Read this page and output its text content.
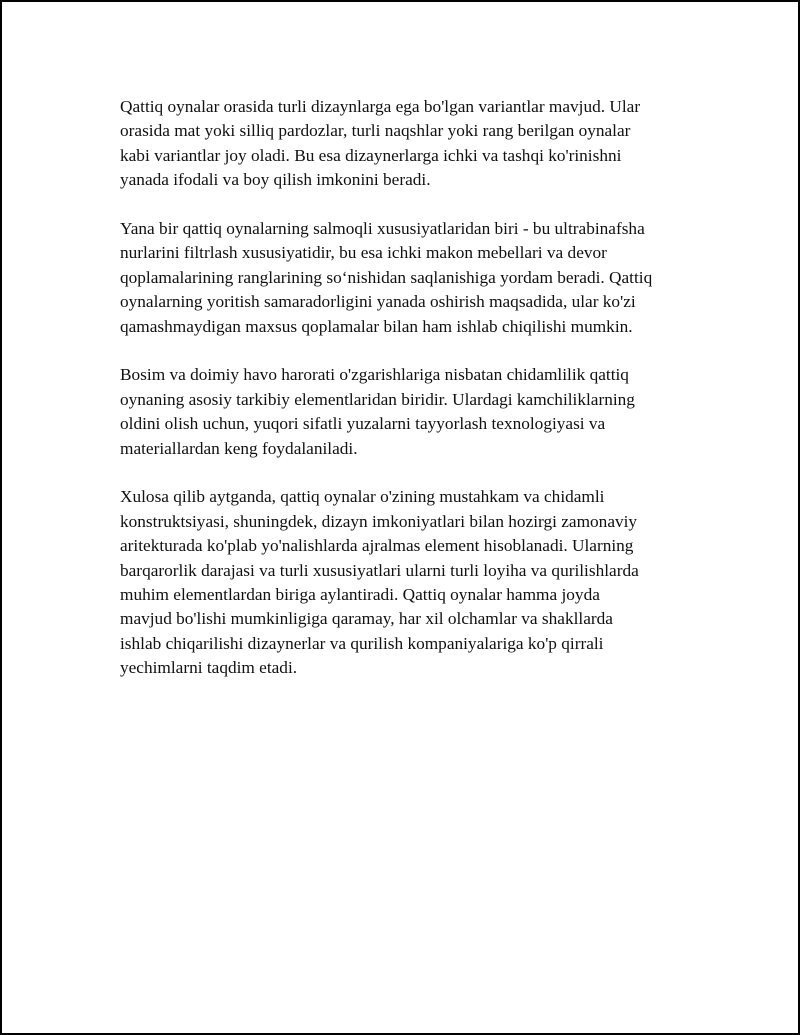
Qattiq oynalar orasida turli dizaynlarga ega bo'lgan variantlar mavjud. Ular
orasida mat yoki silliq pardozlar, turli naqshlar yoki rang berilgan oynalar
kabi variantlar joy oladi. Bu esa dizaynerlarga ichki va tashqi ko'rinishni
yanada ifodali va boy qilish imkonini beradi.

Yana bir qattiq oynalarning salmoqli xususiyatlaridan biri - bu ultrabinafsha
nurlarini filtrlash xususiyatidir, bu esa ichki makon mebellari va devor
qoplamalarining ranglarining so‘nishidan saqlanishiga yordam beradi. Qattiq
oynalarning yoritish samaradorligini yanada oshirish maqsadida, ular ko'zi
qamashmaydigan maxsus qoplamalar bilan ham ishlab chiqilishi mumkin.

Bosim va doimiy havo harorati o'zgarishlariga nisbatan chidamlilik qattiq
oynaning asosiy tarkibiy elementlaridan biridir. Ulardagi kamchiliklarning
oldini olish uchun, yuqori sifatli yuzalarni tayyorlash texnologiyasi va
materiallardan keng foydalaniladi.

Xulosa qilib aytganda, qattiq oynalar o'zining mustahkam va chidamli
konstruktsiyasi, shuningdek, dizayn imkoniyatlari bilan hozirgi zamonaviy
aritekturada ko'plab yo'nalishlarda ajralmas element hisoblanadi. Ularning
barqarorlik darajasi va turli xususiyatlari ularni turli loyiha va qurilishlarda
muhim elementlardan biriga aylantiradi. Qattiq oynalar hamma joyda
mavjud bo'lishi mumkinligiga qaramay, har xil olchamlar va shakllarda
ishlab chiqarilishi dizaynerlar va qurilish kompaniyalariga ko'p qirrali
yechimlarni taqdim etadi.
